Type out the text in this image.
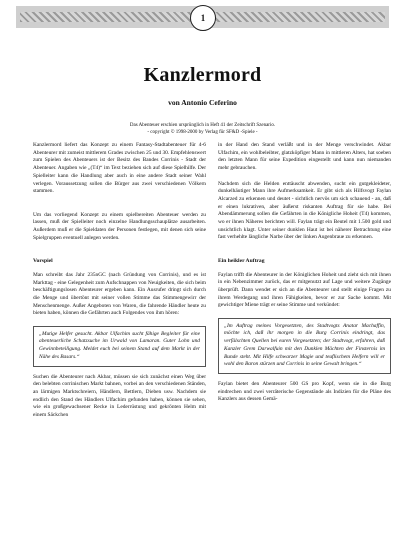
1
Kanzlermord
von Antonio Ceferino
Das Abenteuer erschien ursprünglich in Heft 41 der Zeitschrift Szenario.
- copyright © 1998-2000 by Verlag für SF&D -Spiele -

Kanzlermord liefert das Konzept zu einem Fantasy-Stadtabenteuer für 4-6 Abenteurer mit zumeist mittlerem Grades zwischen 25 und 30. Empfehlenswert zum Spielen des Abenteuers ist der Besitz des Bandes Corrinis - Stadt der Abenteuer. Angaben wie „(T4)“ im Text beziehen sich auf diese Spielhilfe. Der Spielleiter kann die Handlung aber auch in eine andere Stadt seiner Wahl verlegen. Voraussetzung sollen die Bürger aus zwei verschiedenen Völkern stammen.

Um das vorliegend Konzept zu einem spielbereiten Abenteuer werden zu lassen, muß der Spielleiter noch einzelne Handlungsschauplätze ausarbeiten. Außerdem muß er die Spieldaten der Personen festlegen, mit denen sich seine Spielgruppen eventuell anlegen werden.

Vorspiel

Man schreibt das Jahr 235nGC (nach Gründung von Corrinis), und es ist Markttag - eine Gelegenheit zum Aufschnappen von Neuigkeiten, die sich beim beschäftigungslosen Abenteurer ergeben kann. Ein Ausrufer dringt sich durch die Menge und übertönt mit seiner vollen Stimme das Stimmengewirr der Menschenmenge. Außer Angeboten von Waren, die fahrende Händler heute zu bieten haben, können die Gefährten auch Folgendes von ihm hören:

„Mutige Helfer gesucht. Akbar Ulfachim sucht fähige Begleiter für eine abenteuerliche Schatzsuche im Urwald von Lamaran. Guter Lohn und Gewinnbeteiligung. Meldet euch bei seinem Stand auf dem Markt in der Nähe des Basars.“

Suchen die Abenteurer nach Akbar, müssen sie sich zunächst einen Weg über den belebten corrinischen Markt bahnen, vorbei an den verschiedenen Ständen, an lärmigen Marktschreiern, Händlern, Bettlern, Dieben usw. Nachdem sie endlich den Stand des Händlers Ulfachim gefunden haben, können sie sehen, wie ein großgewachsener Recke in Lederrüstung und gekrönten Helm mit einem Säckchen

in der Hand den Stand verläßt und in der Menge verschwindet. Akbar Ulfachim, ein wohlbeleibter, glatzköpfiger Mann in mittleren Alters, hat soeben den letzten Mann für seine Expedition eingestellt und kann nun niemanden mehr gebrauchen.

Nachdem sich die Helden enttäuscht abwenden, sucht ein gutgekleideter, dunkelhäutiger Mann ihre Aufmerksamkeit. Er gibt sich als Hilfsvogt Faylan Alcarzed zu erkennen und deutet - sichtlich nervös um sich schauend - an, daß er einen lukrativen, aber äußerst riskanten Auftrag für sie habe. Bei Abendämmerung sollen die Gefährten in die Königliche Hoheit (T4) kommen, wo er ihnen Näheres berichten will. Faylan trägt ein Beutel mit 1.500 gold und unsichtlich klagt. Unter seiner dunklen Haut ist bei näherer Betrachtung eine fast verhehlte längliche Narbe über der linken Augenbraue zu erkennen.

Ein heikler Auftrag

Faylan trifft die Abenteurer in der Königlichen Hoheit und zieht sich mit ihnen in ein Nebenzimmer zurück, das er mitgenutzt auf Lage und weitere Zugänge überprüft. Dann wendet er sich an die Abenteurer und stellt einige Fragen zu ihrem Werdegang und ihren Fähigkeiten, bevor er zur Sache kommt. Mit gewichtiger Miene trägt er seine Stimme und verkündet:

„Im Auftrag meines Vorgesetzten, des Stadtvogts Anatar Machaffin, möchte ich, daß ihr morgen in die Burg Corrinis eindringt, das verfälschten Quellen bei euren Vorgesetzten; der Stadtvogt, erfahren, daß Kanzler Grem Darwalfuin mit den Dunklen Mächten der Finsternis im Bunde steht. Mit Hilfe schwarzer Magie und teuflischem Helfern will er wohl den Baron stürzen und Corrinis in seine Gewalt bringen.“

Faylan bietet den Abenteurer 500 GS pro Kopf, wenn sie in die Burg eindrechen und zwei verräterische Gegenstände als Indizien für die Pläne des Kanzlers aus dessen Gemä-
